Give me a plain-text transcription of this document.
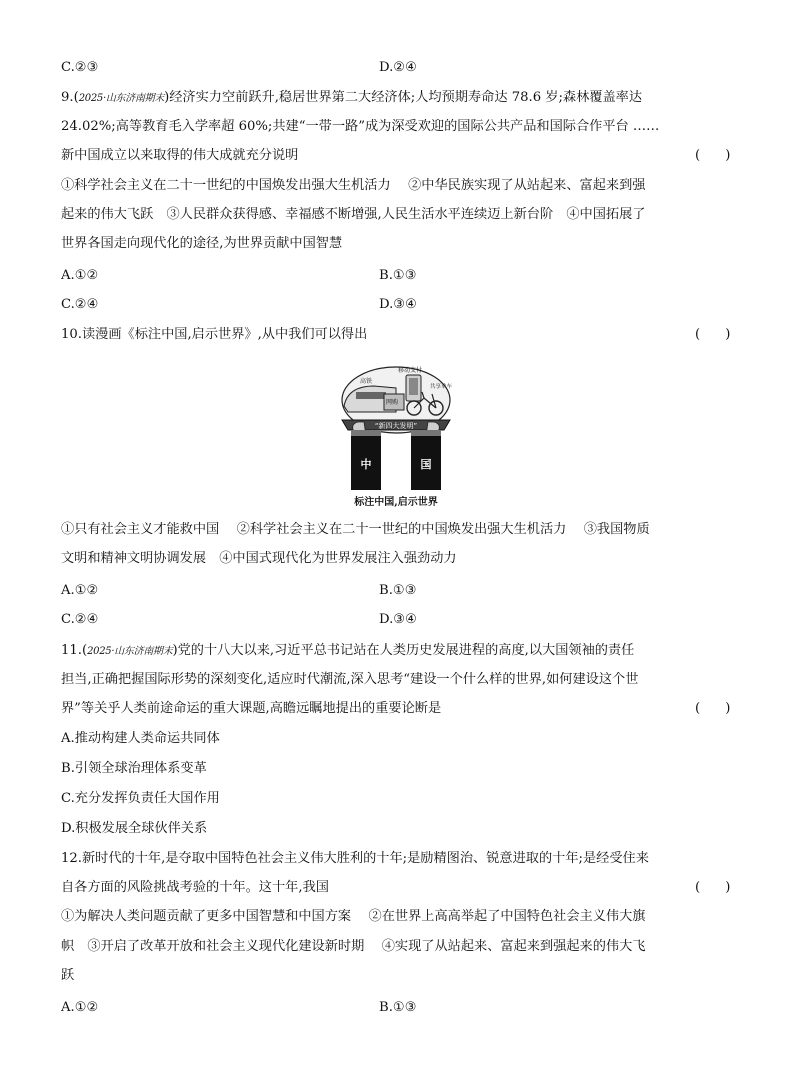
C.②③	D.②④
9.(2025·山东济南期末)经济实力空前跃升,稳居世界第二大经济体;人均预期寿命达 78.6 岁;森林覆盖率达
24.02%;高等教育毛入学率超 60%;共建“一带一路”成为深受欢迎的国际公共产品和国际合作平台 ……
新中国成立以来取得的伟大成就充分说明	(      )
①科学社会主义在二十一世纪的中国焕发出强大生机活力　 ②中华民族实现了从站起来、富起来到强
起来的伟大飞跃　③人民群众获得感、幸福感不断增强,人民生活水平连续迈上新台阶　④中国拓展了
世界各国走向现代化的途径,为世界贡献中国智慧
A.①②	B.①③
C.②④	D.③④
10.读漫画《标注中国,启示世界》,从中我们可以得出	(      )
高铁
移动支付
共享单车
网购
“新四大发明”
中	国
标注中国,启示世界
①只有社会主义才能救中国　 ②科学社会主义在二十一世纪的中国焕发出强大生机活力　 ③我国物质
文明和精神文明协调发展　④中国式现代化为世界发展注入强劲动力
A.①②	B.①③
C.②④	D.③④
11.(2025·山东济南期末)党的十八大以来,习近平总书记站在人类历史发展进程的高度,以大国领袖的责任
担当,正确把握国际形势的深刻变化,适应时代潮流,深入思考“建设一个什么样的世界,如何建设这个世
界”等关乎人类前途命运的重大课题,高瞻远瞩地提出的重要论断是	(      )
A.推动构建人类命运共同体
B.引领全球治理体系变革
C.充分发挥负责任大国作用
D.积极发展全球伙伴关系
12.新时代的十年,是夺取中国特色社会主义伟大胜利的十年;是励精图治、锐意进取的十年;是经受住来
自各方面的风险挑战考验的十年。这十年,我国	(      )
①为解决人类问题贡献了更多中国智慧和中国方案　 ②在世界上高高举起了中国特色社会主义伟大旗
帜　③开启了改革开放和社会主义现代化建设新时期　 ④实现了从站起来、富起来到强起来的伟大飞
跃
A.①②	B.①③
